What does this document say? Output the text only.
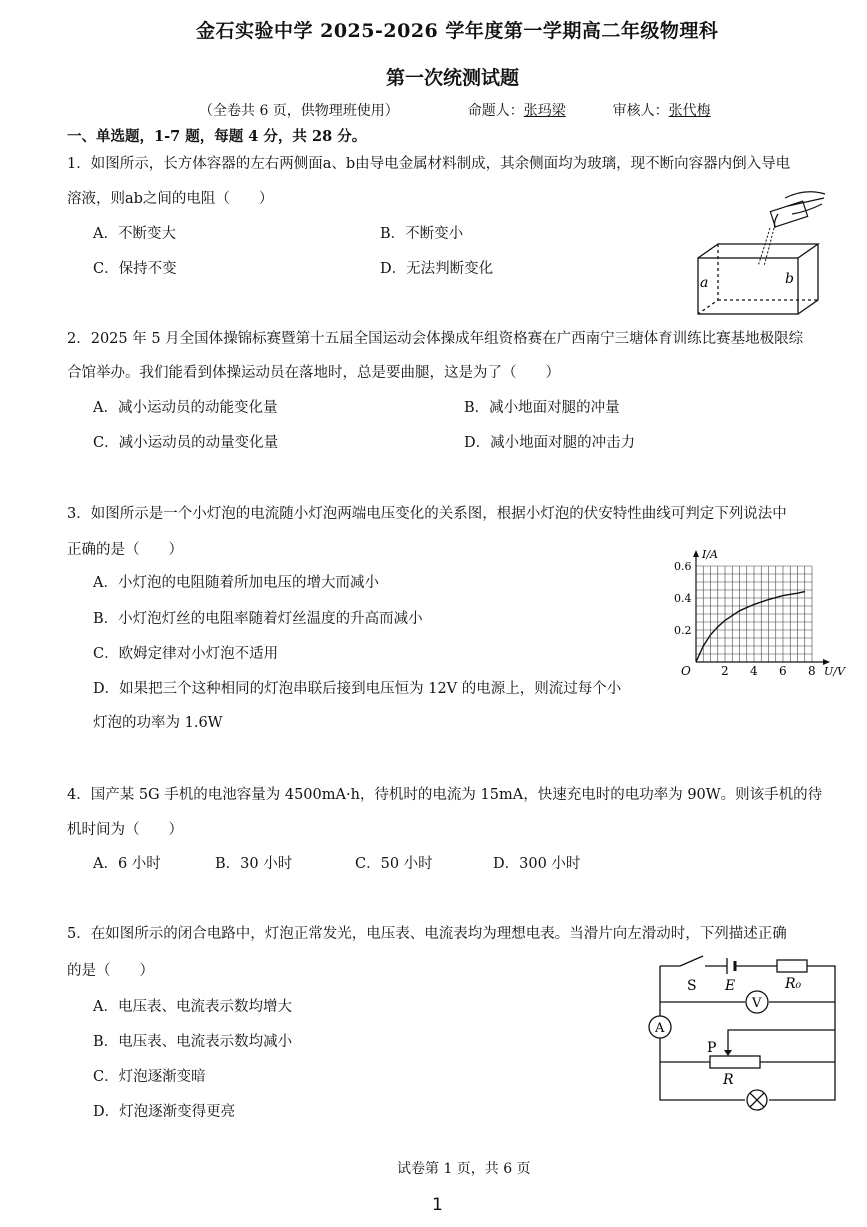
金石实验中学 2025-2026 学年度第一学期高二年级物理科
第一次统测试题
（全卷共 6 页，供物理班使用）	命题人：张玛梁	审核人：张代梅
一、单选题，1-7 题，每题 4 分，共 28 分。
1．如图所示，长方体容器的左右两侧面a、b由导电金属材料制成，其余侧面均为玻璃，现不断向容器内倒入导电
溶液，则ab之间的电阻（　　）
A．不断变大	B．不断变小
C．保持不变	D．无法判断变化
a	b
2．2025 年 5 月全国体操锦标赛暨第十五届全国运动会体操成年组资格赛在广西南宁三塘体育训练比赛基地极限综
合馆举办。我们能看到体操运动员在落地时，总是要曲腿，这是为了（　　）
A．减小运动员的动能变化量	B．减小地面对腿的冲量
C．减小运动员的动量变化量	D．减小地面对腿的冲击力
3．如图所示是一个小灯泡的电流随小灯泡两端电压变化的关系图，根据小灯泡的伏安特性曲线可判定下列说法中
正确的是（　　）
A．小灯泡的电阻随着所加电压的增大而减小
B．小灯泡灯丝的电阻率随着灯丝温度的升高而减小
C．欧姆定律对小灯泡不适用
D．如果把三个这种相同的灯泡串联后接到电压恒为 12V 的电源上，则流过每个小
灯泡的功率为 1.6W
2 4 6 8
0.2
0.4
0.6
O	U/V
I/A
4．国产某 5G 手机的电池容量为 4500mA·h，待机时的电流为 15mA，快速充电时的电功率为 90W。则该手机的待
机时间为（　　）
A．6 小时	B．30 小时	C．50 小时	D．300 小时
5．在如图所示的闭合电路中，灯泡正常发光，电压表、电流表均为理想电表。当滑片向左滑动时，下列描述正确
的是（　　）
A．电压表、电流表示数均增大
B．电压表、电流表示数均减小
C．灯泡逐渐变暗
D．灯泡逐渐变得更亮
V
A
S E	R₀
P
R
试卷第 1 页，共 6 页
1
